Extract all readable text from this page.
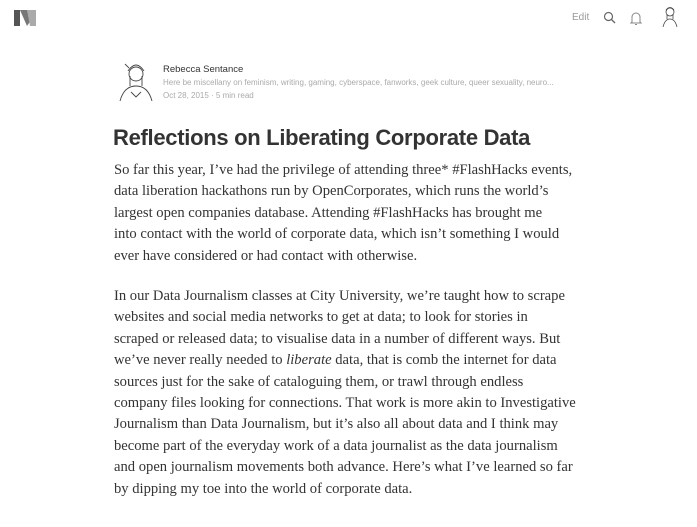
Edit
Rebecca Sentance
Here be miscellany on feminism, writing, gaming, cyberspace, fanworks, geek culture, queer sexuality, neuro...
Oct 28, 2015 · 5 min read
Reflections on Liberating Corporate Data
So far this year, I’ve had the privilege of attending three* #FlashHacks events,
data liberation hackathons run by OpenCorporates, which runs the world’s
largest open companies database. Attending #FlashHacks has brought me
into contact with the world of corporate data, which isn’t something I would
ever have considered or had contact with otherwise.
In our Data Journalism classes at City University, we’re taught how to scrape
websites and social media networks to get at data; to look for stories in
scraped or released data; to visualise data in a number of different ways. But
we’ve never really needed to liberate data, that is comb the internet for data
sources just for the sake of cataloguing them, or trawl through endless
company files looking for connections. That work is more akin to Investigative
Journalism than Data Journalism, but it’s also all about data and I think may
become part of the everyday work of a data journalist as the data journalism
and open journalism movements both advance. Here’s what I’ve learned so far
by dipping my toe into the world of corporate data.
